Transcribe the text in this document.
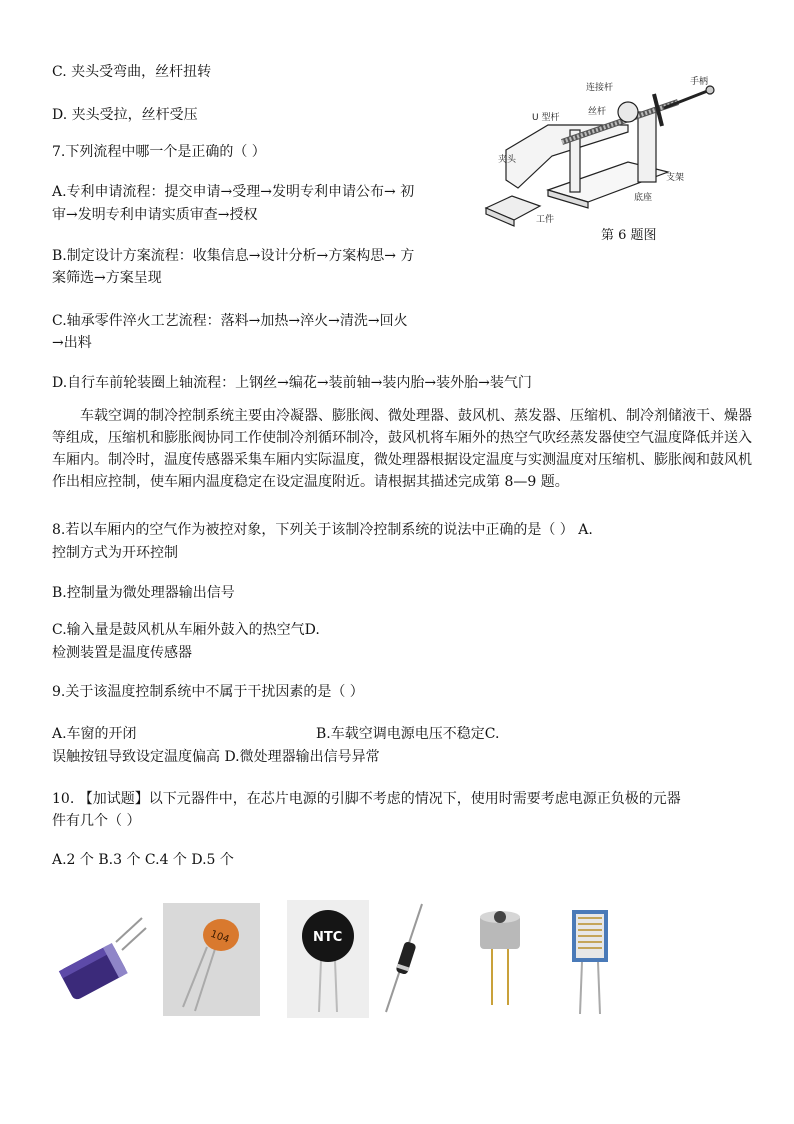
C. 夹头受弯曲，丝杆扭转
D. 夹头受拉，丝杆受压
7.下列流程中哪一个是正确的（ ）
A.专利申请流程：提交申请→受理→发明专利申请公布→ 初
审→发明专利申请实质审查→授权
B.制定设计方案流程：收集信息→设计分析→方案构思→ 方
案筛选→方案呈现
C.轴承零件淬火工艺流程：落料→加热→淬火→清洗→回火
→出料
D.自行车前轮装圈上轴流程：上钢丝→编花→装前轴→装内胎→装外胎→装气门
车载空调的制冷控制系统主要由冷凝器、膨胀阀、微处理器、鼓风机、蒸发器、压缩机、制冷剂储液干、燥器等组成，压缩机和膨胀阀协同工作使制冷剂循环制冷，鼓风机将车厢外的热空气吹经蒸发器使空气温度降低并送入车厢内。制冷时，温度传感器采集车厢内实际温度，微处理器根据设定温度与实测温度对压缩机、膨胀阀和鼓风机作出相应控制，使车厢内温度稳定在设定温度附近。请根据其描述完成第 8—9 题。
8.若以车厢内的空气作为被控对象，下列关于该制冷控制系统的说法中正确的是（ ） A.
控制方式为开环控制
B.控制量为微处理器输出信号
C.输入量是鼓风机从车厢外鼓入的热空气D.
检测装置是温度传感器
9.关于该温度控制系统中不属于干扰因素的是（ ）
A.车窗的开闭	B.车载空调电源电压不稳定C.
误触按钮导致设定温度偏高 D.微处理器输出信号异常
10. 【加试题】以下元器件中，在芯片电源的引脚不考虑的情况下，使用时需要考虑电源正负极的元器
件有几个（ ）
A.2 个 B.3 个 C.4 个 D.5 个
连接杆
手柄
丝杆
U 型杆
夹头
支架
底座
工件
第 6 题图
104	NTC
